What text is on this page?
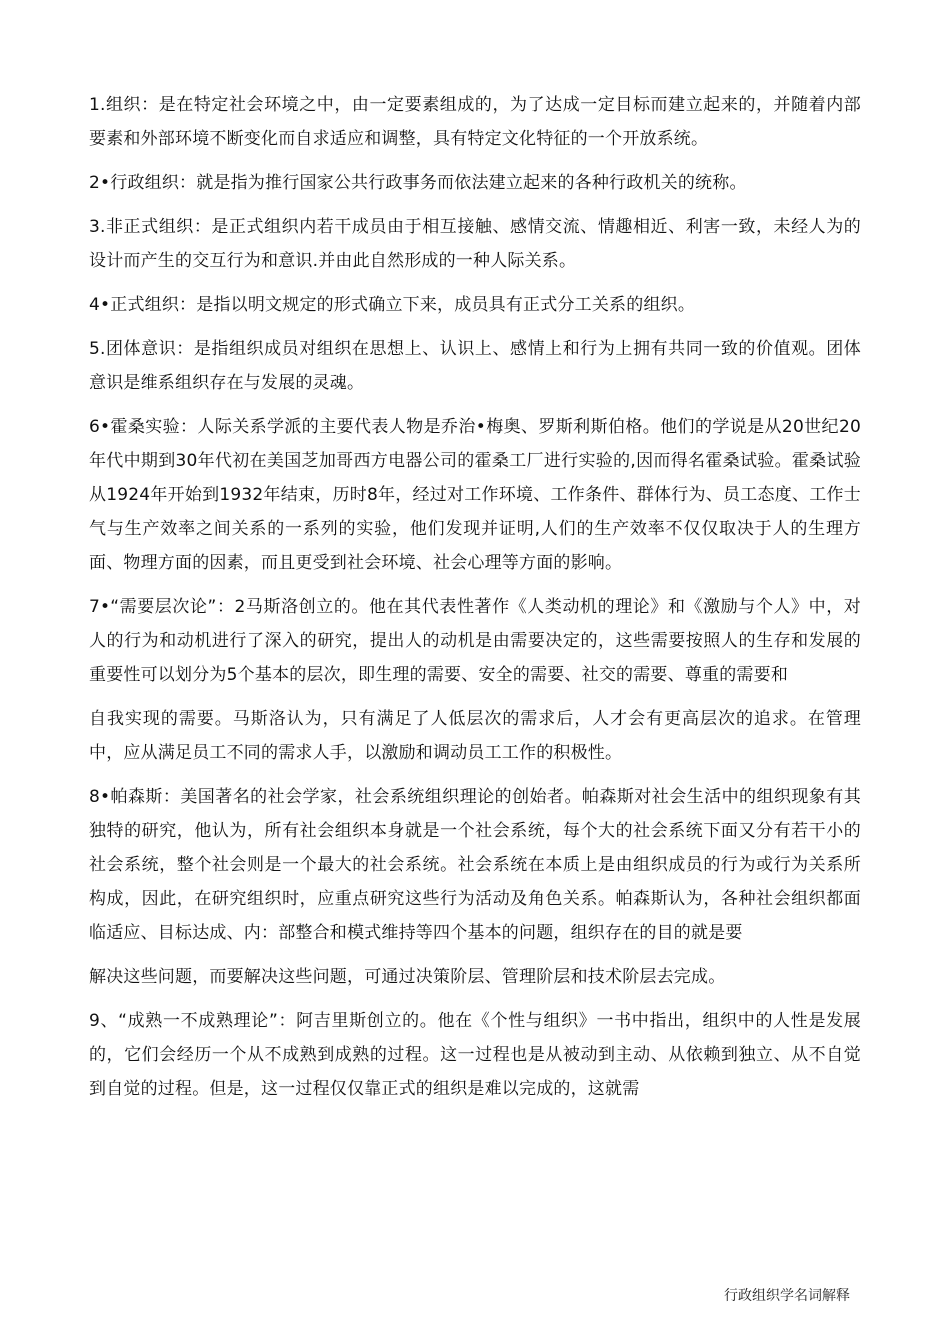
1.组织：是在特定社会环境之中，由一定要素组成的，为了达成一定目标而建立起来的，并随着内部要素和外部环境不断变化而自求适应和调整，具有特定文化特征的一个开放系统。

2•行政组织：就是指为推行国家公共行政事务而依法建立起来的各种行政机关的统称。

3.非正式组织：是正式组织内若干成员由于相互接触、感情交流、情趣相近、利害一致，未经人为的设计而产生的交互行为和意识.并由此自然形成的一种人际关系。

4•正式组织：是指以明文规定的形式确立下来，成员具有正式分工关系的组织。

5.团体意识：是指组织成员对组织在思想上、认识上、感情上和行为上拥有共同一致的价值观。团体意识是维系组织存在与发展的灵魂。

6•霍桑实验：人际关系学派的主要代表人物是乔治•梅奥、罗斯利斯伯格。他们的学说是从20世纪20年代中期到30年代初在美国芝加哥西方电器公司的霍桑工厂进行实验的,因而得名霍桑试验。霍桑试验从1924年开始到1932年结束，历时8年，经过对工作环境、工作条件、群体行为、员工态度、工作士气与生产效率之间关系的一系列的实验，他们发现并证明,人们的生产效率不仅仅取决于人的生理方面、物理方面的因素，而且更受到社会环境、社会心理等方面的影响。

7•“需要层次论”：2马斯洛创立的。他在其代表性著作《人类动机的理论》和《激励与个人》中，对人的行为和动机进行了深入的研究，提出人的动机是由需要决定的，这些需要按照人的生存和发展的重要性可以划分为5个基本的层次，即生理的需要、安全的需要、社交的需要、尊重的需要和

自我实现的需要。马斯洛认为，只有满足了人低层次的需求后，人才会有更高层次的追求。在管理中，应从满足员工不同的需求人手，以激励和调动员工工作的积极性。

8•帕森斯：美国著名的社会学家，社会系统组织理论的创始者。帕森斯对社会生活中的组织现象有其独特的研究，他认为，所有社会组织本身就是一个社会系统，每个大的社会系统下面又分有若干小的社会系统，整个社会则是一个最大的社会系统。社会系统在本质上是由组织成员的行为或行为关系所构成，因此，在研究组织时，应重点研究这些行为活动及角色关系。帕森斯认为，各种社会组织都面临适应、目标达成、内：部整合和模式维持等四个基本的问题，组织存在的目的就是要

解决这些问题，而要解决这些问题，可通过决策阶层、管理阶层和技术阶层去完成。

9、“成熟一不成熟理论”：阿吉里斯创立的。他在《个性与组织》一书中指出，组织中的人性是发展的，它们会经历一个从不成熟到成熟的过程。这一过程也是从被动到主动、从依赖到独立、从不自觉到自觉的过程。但是，这一过程仅仅靠正式的组织是难以完成的，这就需

行政组织学名词解释
